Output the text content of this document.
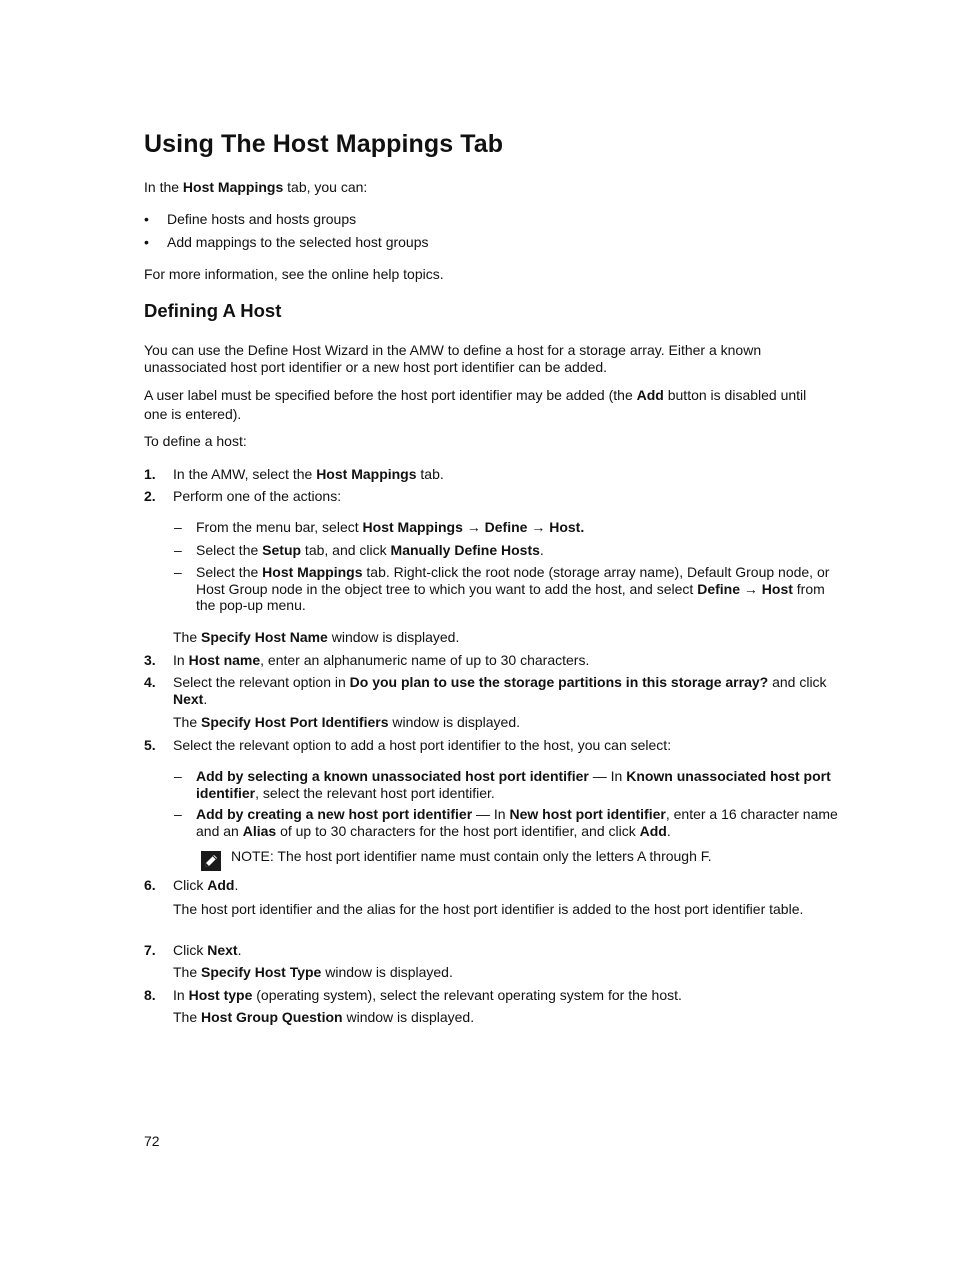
Using The Host Mappings Tab

In the Host Mappings tab, you can:

• Define hosts and hosts groups

• Add mappings to the selected host groups

For more information, see the online help topics.

Defining A Host

You can use the Define Host Wizard in the AMW to define a host for a storage array. Either a known unassociated host port identifier or a new host port identifier can be added.

A user label must be specified before the host port identifier may be added (the Add button is disabled until one is entered).

To define a host:

1. In the AMW, select the Host Mappings tab.

2. Perform one of the actions:

– From the menu bar, select Host Mappings → Define → Host.

– Select the Setup tab, and click Manually Define Hosts.

– Select the Host Mappings tab. Right-click the root node (storage array name), Default Group node, or Host Group node in the object tree to which you want to add the host, and select Define → Host from the pop-up menu.

The Specify Host Name window is displayed.

3. In Host name, enter an alphanumeric name of up to 30 characters.

4. Select the relevant option in Do you plan to use the storage partitions in this storage array? and click Next.

The Specify Host Port Identifiers window is displayed.

5. Select the relevant option to add a host port identifier to the host, you can select:

– Add by selecting a known unassociated host port identifier — In Known unassociated host port identifier, select the relevant host port identifier.

– Add by creating a new host port identifier — In New host port identifier, enter a 16 character name and an Alias of up to 30 characters for the host port identifier, and click Add.

NOTE: The host port identifier name must contain only the letters A through F.

6. Click Add.

The host port identifier and the alias for the host port identifier is added to the host port identifier table.

7. Click Next.

The Specify Host Type window is displayed.

8. In Host type (operating system), select the relevant operating system for the host.

The Host Group Question window is displayed.

72
